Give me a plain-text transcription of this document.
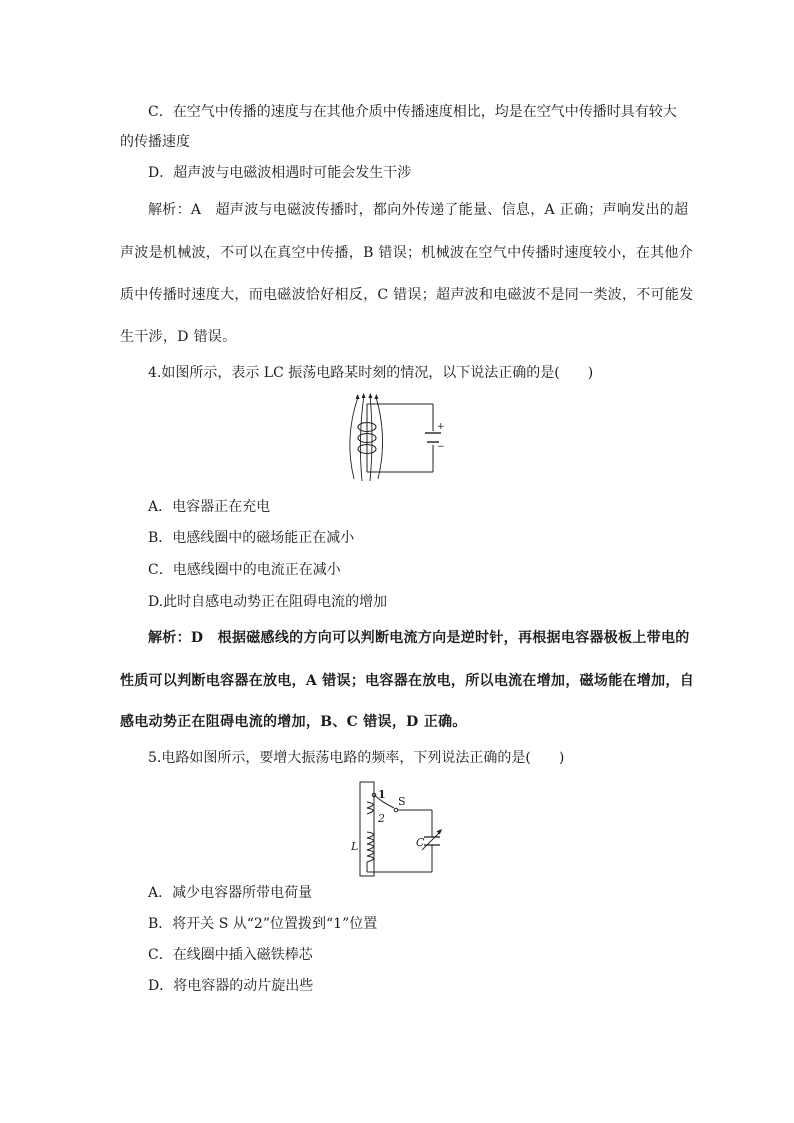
C．在空气中传播的速度与在其他介质中传播速度相比，均是在空气中传播时具有较大
的传播速度
D．超声波与电磁波相遇时可能会发生干涉
解析：A　超声波与电磁波传播时，都向外传递了能量、信息，A 正确；声响发出的超
声波是机械波，不可以在真空中传播，B 错误；机械波在空气中传播时速度较小，在其他介
质中传播时速度大，而电磁波恰好相反，C 错误；超声波和电磁波不是同一类波，不可能发
生干涉，D 错误。
4.如图所示，表示 LC 振荡电路某时刻的情况，以下说法正确的是(　　)
+
−
A．电容器正在充电
B．电感线圈中的磁场能正在减小
C．电感线圈中的电流正在减小
D.此时自感电动势正在阻碍电流的增加
解析：D　根据磁感线的方向可以判断电流方向是逆时针，再根据电容器极板上带电的
性质可以判断电容器在放电，A 错误；电容器在放电，所以电流在增加，磁场能在增加，自
感电动势正在阻碍电流的增加，B、C 错误，D 正确。
5.电路如图所示，要增大振荡电路的频率，下列说法正确的是(　　)
1
2
S
L	C
A．减少电容器所带电荷量
B．将开关 S 从“2”位置拨到“1”位置
C．在线圈中插入磁铁棒芯
D．将电容器的动片旋出些
